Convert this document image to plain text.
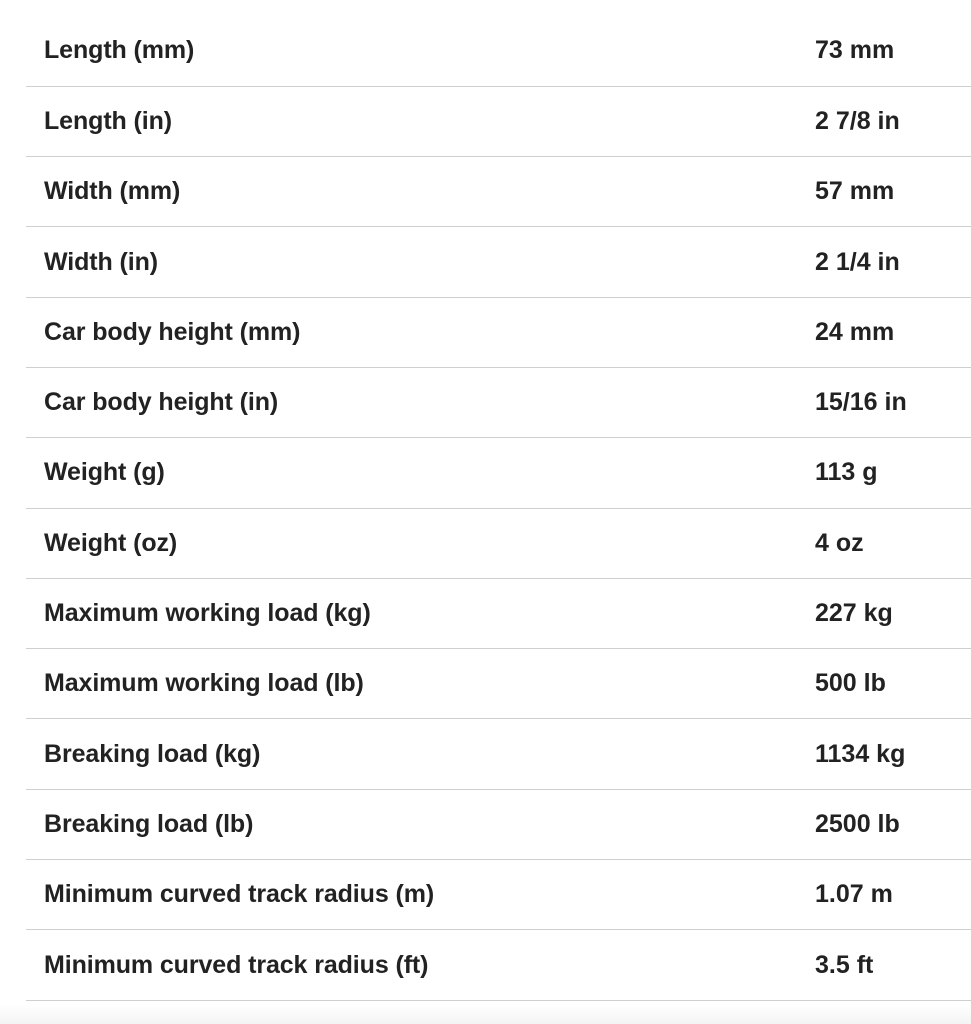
Length (mm)	73 mm
Length (in)	2 7/8 in
Width (mm)	57 mm
Width (in)	2 1/4 in
Car body height (mm)	24 mm
Car body height (in)	15/16 in
Weight (g)	113 g
Weight (oz)	4 oz
Maximum working load (kg)	227 kg
Maximum working load (lb)	500 lb
Breaking load (kg)	1134 kg
Breaking load (lb)	2500 lb
Minimum curved track radius (m)	1.07 m
Minimum curved track radius (ft)	3.5 ft
